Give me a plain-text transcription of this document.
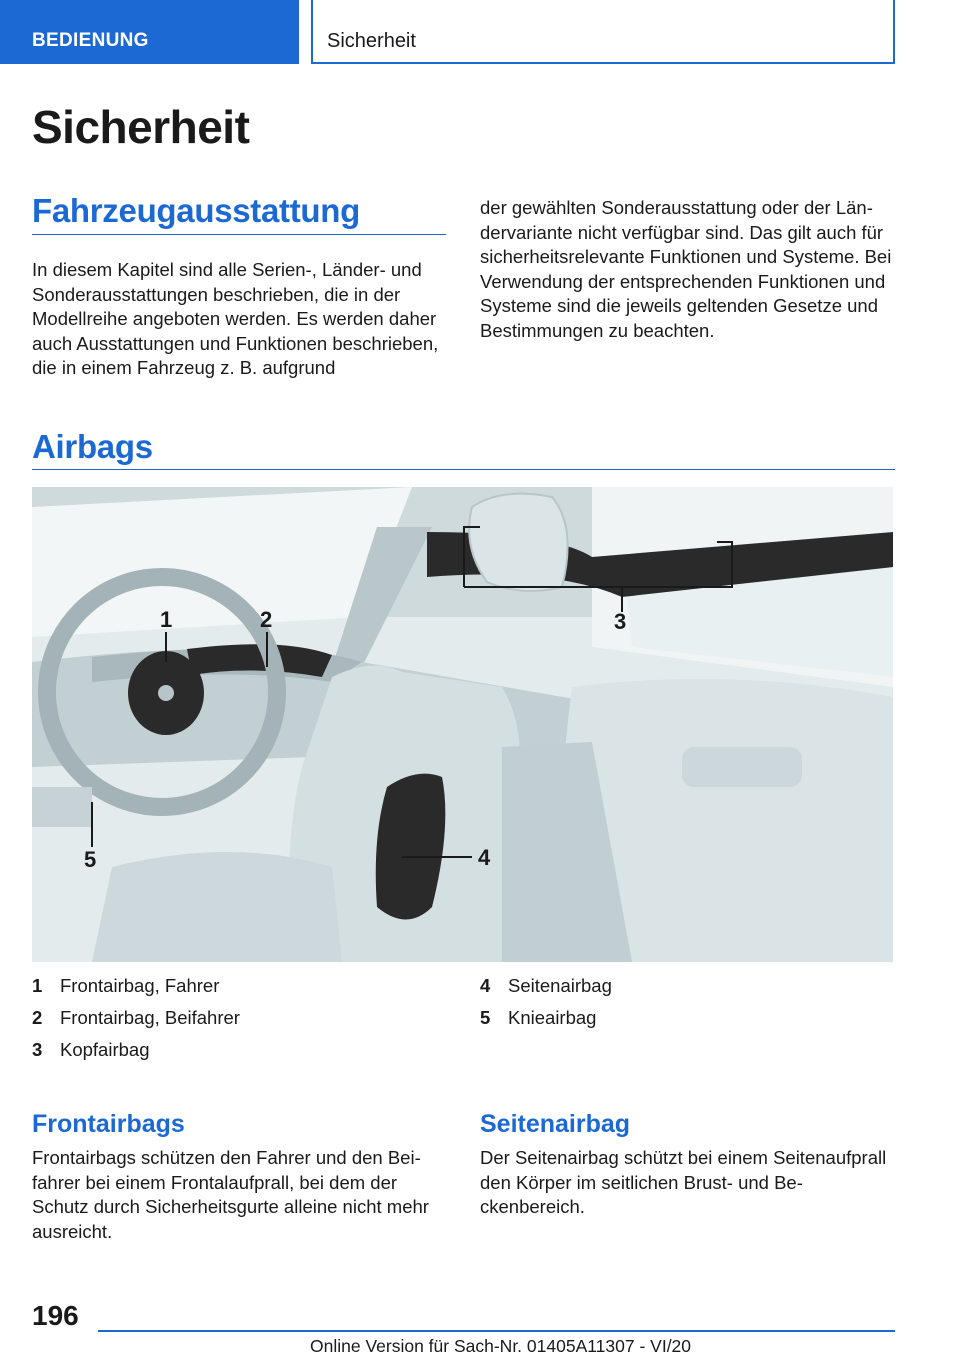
BEDIENUNG	Sicherheit
Sicherheit
Fahrzeugausstattung
In diesem Kapitel sind alle Serien-, Länder- und Sonderausstattungen beschrieben, die in der Modellreihe angeboten werden. Es werden daher auch Ausstattungen und Funktionen beschrieben, die in einem Fahrzeug z. B. aufgrund
der gewählten Sonderausstattung oder der Ländervariante nicht verfügbar sind. Das gilt auch für sicherheitsrelevante Funktionen und Systeme. Bei Verwendung der entsprechenden Funktionen und Systeme sind die jeweils geltenden Gesetze und Bestimmungen zu beachten.
Airbags
1	2	3
4
5
1 Frontairbag, Fahrer
2 Frontairbag, Beifahrer
3 Kopfairbag
4 Seitenairbag
5 Knieairbag
Frontairbags
Frontairbags schützen den Fahrer und den Beifahrer bei einem Frontalaufprall, bei dem der Schutz durch Sicherheitsgurte alleine nicht mehr ausreicht.
Seitenairbag
Der Seitenairbag schützt bei einem Seitenaufprall den Körper im seitlichen Brust- und Beckenbereich.
196
Online Version für Sach-Nr. 01405A11307 - VI/20
